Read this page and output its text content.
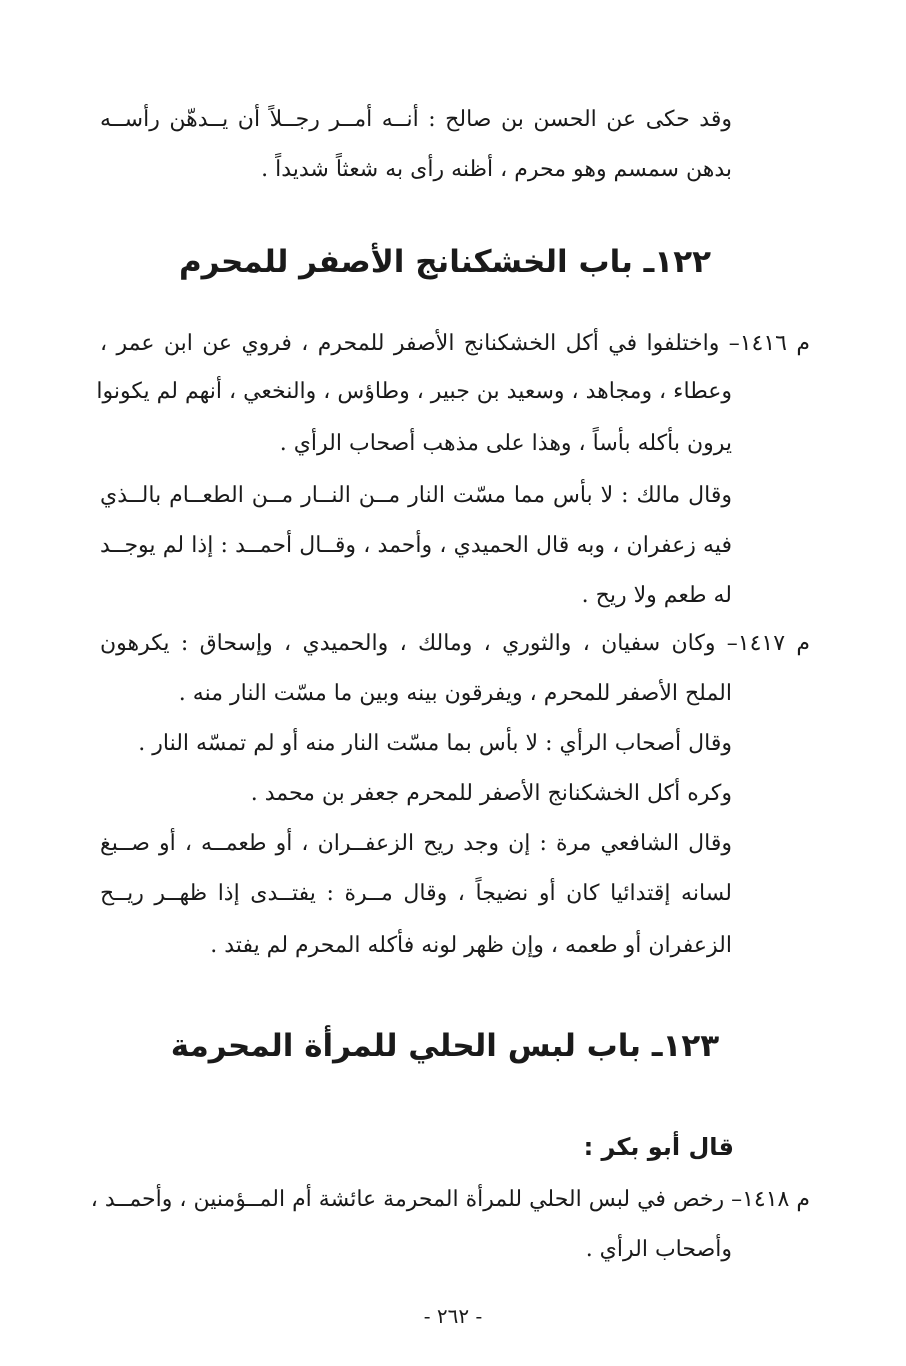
وقد حكى عن الحسن بن صالح : أنــه أمــر رجــلاً أن يــدهّن رأســه
بدهن سمسم وهو محرم ، أظنه رأى به شعثاً شديداً .
١٢٢ـ باب الخشكنانج الأصفر للمحرم
م ١٤١٦– واختلفوا في أكل الخشكنانج الأصفر للمحرم ، فروي عن ابن عمر ،
وعطاء ، ومجاهد ، وسعيد بن جبير ، وطاؤس ، والنخعي ، أنهم لم يكونوا
يرون بأكله بأساً ، وهذا على مذهب أصحاب الرأي .
وقال مالك : لا بأس مما مسّت النار مــن النــار مــن الطعــام بالــذي
فيه زعفران ، وبه قال الحميدي ، وأحمد ، وقــال أحمــد : إذا لم يوجــد
له طعم ولا ريح .
م ١٤١٧– وكان سفيان ، والثوري ، ومالك ، والحميدي ، وإسحاق : يكرهون
الملح الأصفر للمحرم ، ويفرقون بينه وبين ما مسّت النار منه .
وقال أصحاب الرأي : لا بأس بما مسّت النار منه أو لم تمسّه النار .
وكره أكل الخشكنانج الأصفر للمحرم جعفر بن محمد .
وقال الشافعي مرة : إن وجد ريح الزعفــران ، أو طعمــه ، أو صــبغ
لسانه إقتدائيا كان أو نضيجاً ، وقال مــرة : يفتــدى إذا ظهــر ريــح
الزعفران أو طعمه ، وإن ظهر لونه فأكله المحرم لم يفتد .
١٢٣ـ باب لبس الحلي للمرأة المحرمة
قال أبو بكر :
م ١٤١٨– رخص في لبس الحلي للمرأة المحرمة عائشة أم المــؤمنين ، وأحمــد ،
وأصحاب الرأي .
- ٢٦٢ -
